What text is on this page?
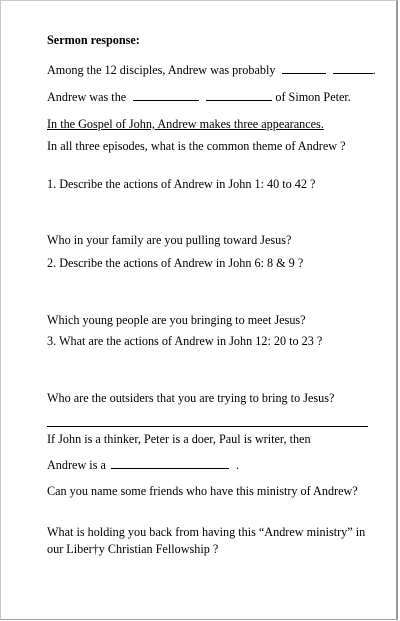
Sermon response:
Among the 12 disciples, Andrew was probably	.
Andrew was the	of Simon Peter.
In the Gospel of John, Andrew makes three appearances.
In all three episodes, what is the common theme of Andrew ?
1. Describe the actions of Andrew in John 1: 40 to 42 ?
Who in your family are you pulling toward Jesus?
2. Describe the actions of Andrew in John 6: 8 & 9 ?
Which young people are you bringing to meet Jesus?
3. What are the actions of Andrew in John 12: 20 to 23 ?
Who are the outsiders that you are trying to bring to Jesus?
If John is a thinker, Peter is a doer, Paul is writer, then
Andrew is a	.
Can you name some friends who have this ministry of Andrew?
What is holding you back from having this “Andrew ministry” in
our Liber†y Christian Fellowship ?
